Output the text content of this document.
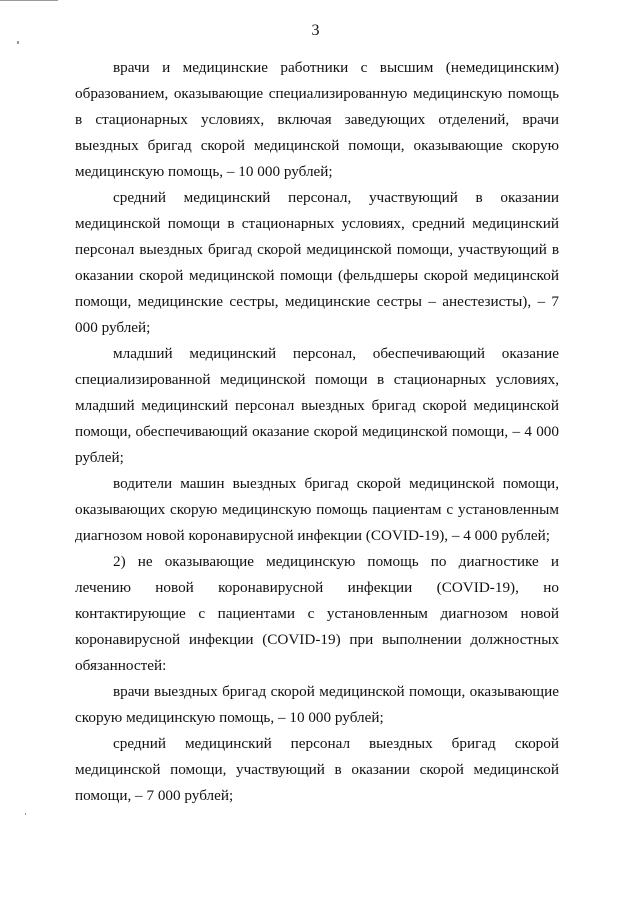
3

врачи и медицинские работники с высшим (немедицинским) образованием, оказывающие специализированную медицинскую помощь в стационарных условиях, включая заведующих отделений, врачи выездных бригад скорой медицинской помощи, оказывающие скорую медицинскую помощь, – 10 000 рублей;

средний медицинский персонал, участвующий в оказании медицинской помощи в стационарных условиях, средний медицинский персонал выездных бригад скорой медицинской помощи, участвующий в оказании скорой медицинской помощи (фельдшеры скорой медицинской помощи, медицинские сестры, медицинские сестры – анестезисты), – 7 000 рублей;

младший медицинский персонал, обеспечивающий оказание специализированной медицинской помощи в стационарных условиях, младший медицинский персонал выездных бригад скорой медицинской помощи, обеспечивающий оказание скорой медицинской помощи, – 4 000 рублей;

водители машин выездных бригад скорой медицинской помощи, оказывающих скорую медицинскую помощь пациентам с установленным диагнозом новой коронавирусной инфекции (COVID-19), – 4 000 рублей;

2) не оказывающие медицинскую помощь по диагностике и лечению новой коронавирусной инфекции (COVID-19), но контактирующие с пациентами с установленным диагнозом новой коронавирусной инфекции (COVID-19) при выполнении должностных обязанностей:

врачи выездных бригад скорой медицинской помощи, оказывающие скорую медицинскую помощь, – 10 000 рублей;

средний медицинский персонал выездных бригад скорой медицинской помощи, участвующий в оказании скорой медицинской помощи, – 7 000 рублей;
